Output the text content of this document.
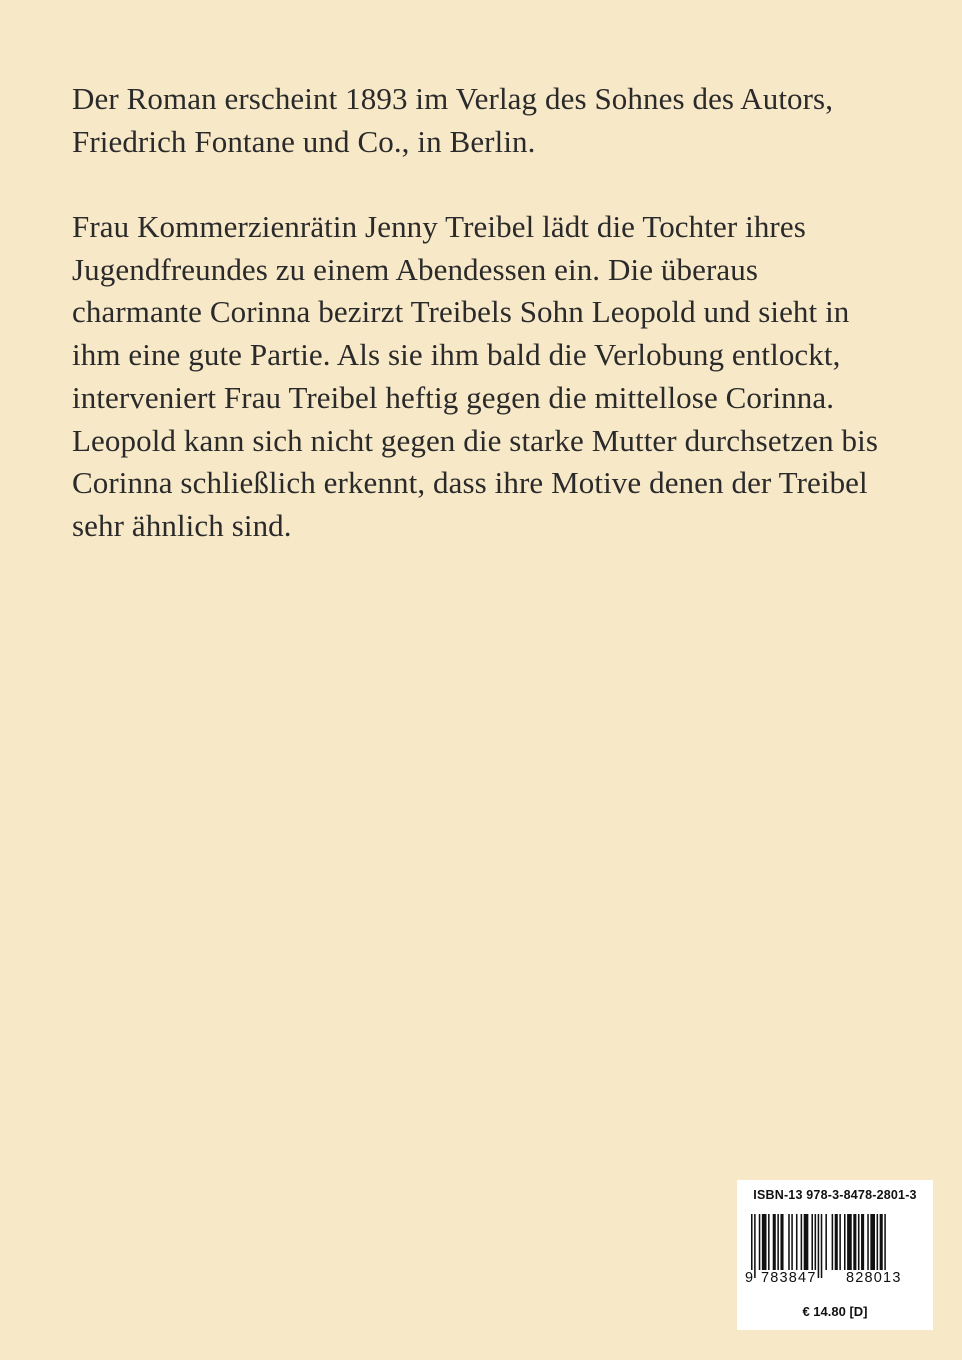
Der Roman erscheint 1893 im Verlag des Sohnes des Autors,
Friedrich Fontane und Co., in Berlin.
Frau Kommerzienrätin Jenny Treibel lädt die Tochter ihres
Jugendfreundes zu einem Abendessen ein. Die überaus
charmante Corinna bezirzt Treibels Sohn Leopold und sieht in
ihm eine gute Partie. Als sie ihm bald die Verlobung entlockt,
interveniert Frau Treibel heftig gegen die mittellose Corinna.
Leopold kann sich nicht gegen die starke Mutter durchsetzen bis
Corinna schließlich erkennt, dass ihre Motive denen der Treibel
sehr ähnlich sind.
ISBN-13 978-3-8478-2801-3
9 783847 828013
€ 14.80 [D]
